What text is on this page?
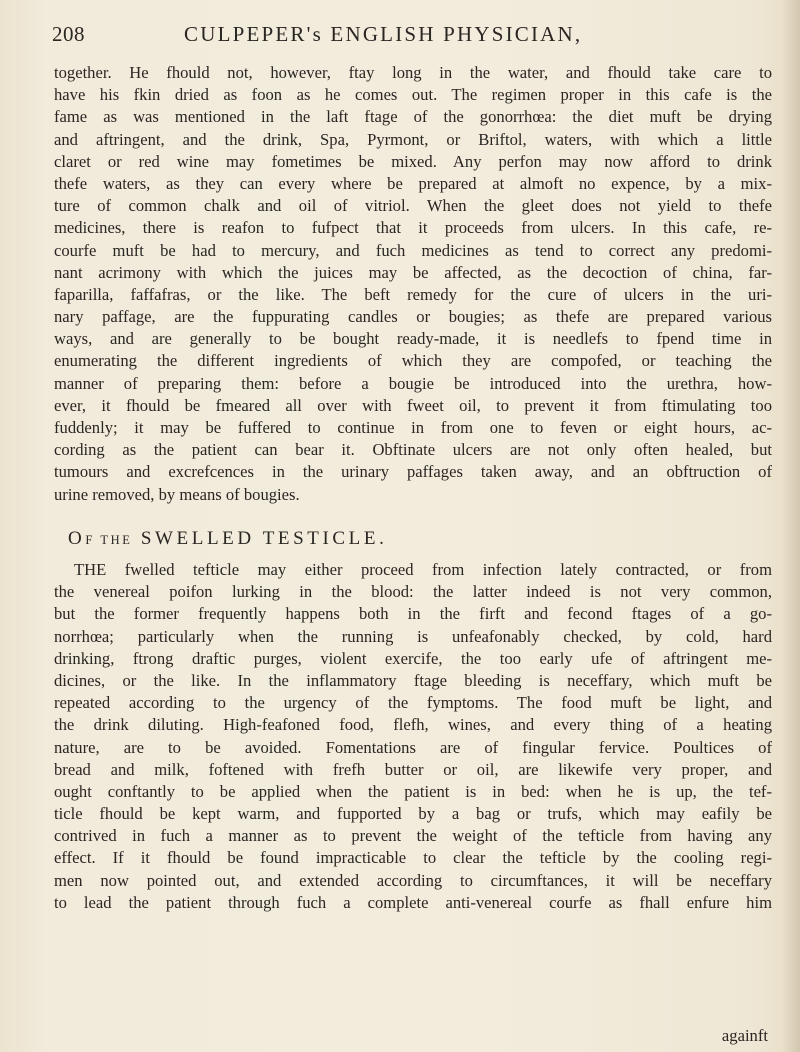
208	CULPEPER's ENGLISH PHYSICIAN,
together. He fhould not, however, ftay long in the water, and fhould take care to
have his fkin dried as foon as he comes out. The regimen proper in this cafe is the
fame as was mentioned in the laft ftage of the gonorrhœa: the diet muft be drying
and aftringent, and the drink, Spa, Pyrmont, or Briftol, waters, with which a little
claret or red wine may fometimes be mixed. Any perfon may now afford to drink
thefe waters, as they can every where be prepared at almoft no expence, by a mix-
ture of common chalk and oil of vitriol. When the gleet does not yield to thefe
medicines, there is reafon to fufpect that it proceeds from ulcers. In this cafe, re-
courfe muft be had to mercury, and fuch medicines as tend to correct any predomi-
nant acrimony with which the juices may be affected, as the decoction of china, far-
faparilla, faffafras, or the like. The beft remedy for the cure of ulcers in the uri-
nary paffage, are the fuppurating candles or bougies; as thefe are prepared various
ways, and are generally to be bought ready-made, it is needlefs to fpend time in
enumerating the different ingredients of which they are compofed, or teaching the
manner of preparing them: before a bougie be introduced into the urethra, how-
ever, it fhould be fmeared all over with fweet oil, to prevent it from ftimulating too
fuddenly; it may be fuffered to continue in from one to feven or eight hours, ac-
cording as the patient can bear it. Obftinate ulcers are not only often healed, but
tumours and excrefcences in the urinary paffages taken away, and an obftruction of
urine removed, by means of bougies.
OF THE SWELLED TESTICLE.
THE fwelled tefticle may either proceed from infection lately contracted, or from
the venereal poifon lurking in the blood: the latter indeed is not very common,
but the former frequently happens both in the firft and fecond ftages of a go-
norrhœa; particularly when the running is unfeafonably checked, by cold, hard
drinking, ftrong draftic purges, violent exercife, the too early ufe of aftringent me-
dicines, or the like. In the inflammatory ftage bleeding is neceffary, which muft be
repeated according to the urgency of the fymptoms. The food muft be light, and
the drink diluting. High-feafoned food, flefh, wines, and every thing of a heating
nature, are to be avoided. Fomentations are of fingular fervice. Poultices of
bread and milk, foftened with frefh butter or oil, are likewife very proper, and
ought conftantly to be applied when the patient is in bed: when he is up, the tef-
ticle fhould be kept warm, and fupported by a bag or trufs, which may eafily be
contrived in fuch a manner as to prevent the weight of the tefticle from having any
effect. If it fhould be found impracticable to clear the tefticle by the cooling regi-
men now pointed out, and extended according to circumftances, it will be neceffary
to lead the patient through fuch a complete anti-venereal courfe as fhall enfure him
againft
